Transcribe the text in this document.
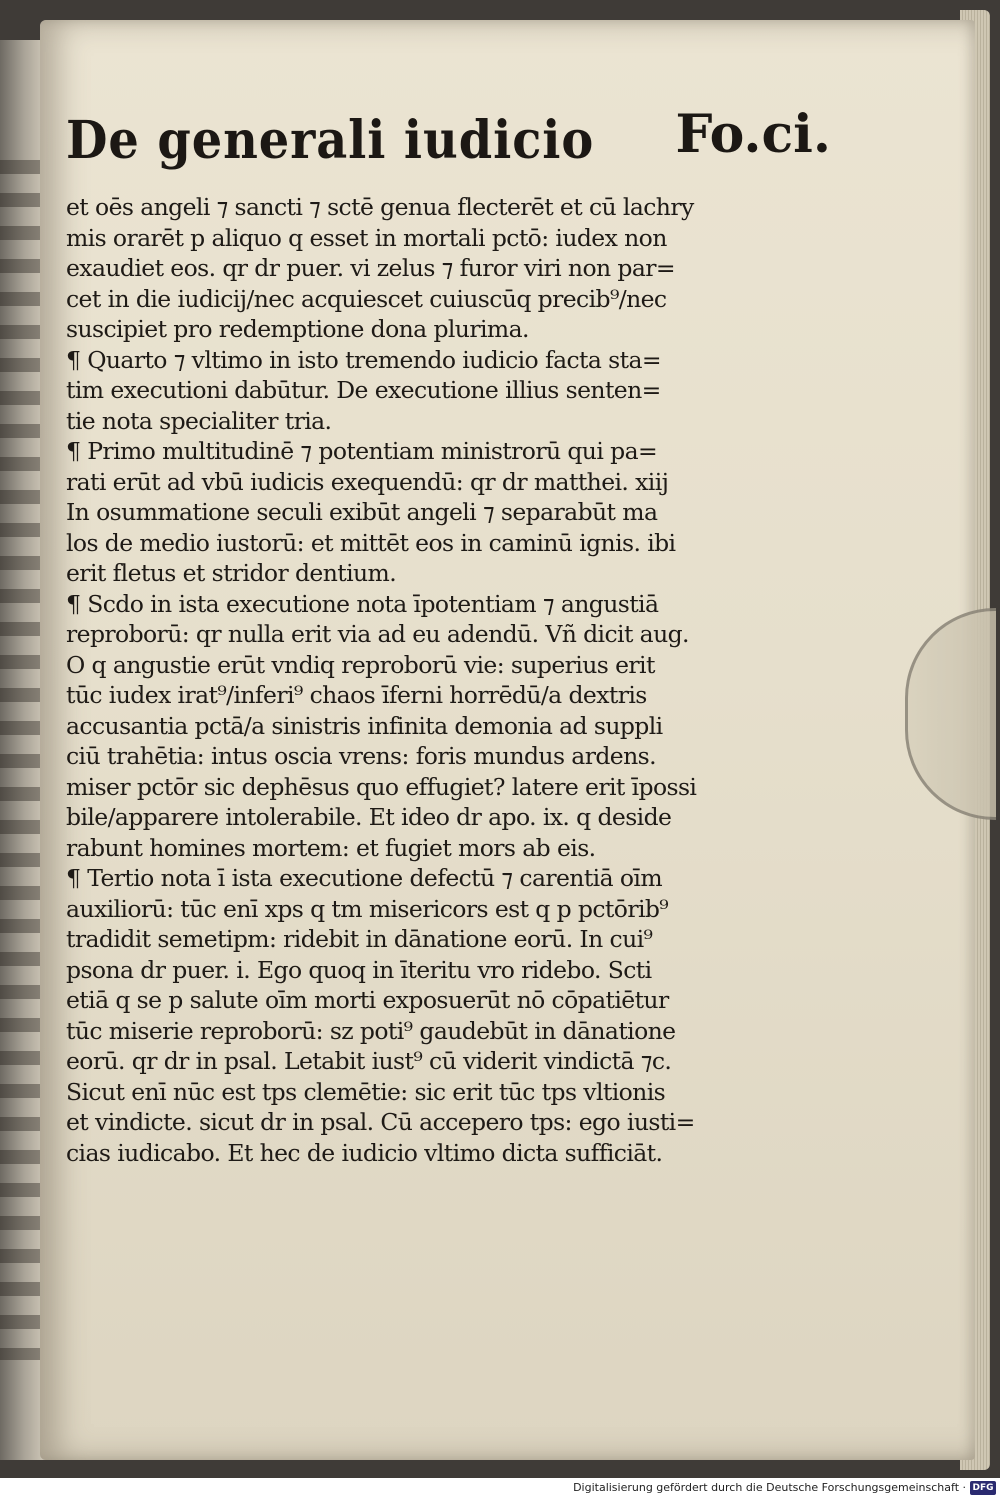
De generali iudicio Fo.ci.
et oēs angeli ⁊ sancti ⁊ sctē genua flecterēt et cū lachry
mis orarēt p aliquo q esset in mortali pctō: iudex non
exaudiet eos. qr dr puer. vi zelus ⁊ furor viri non par=
cet in die iudicij/nec acquiescet cuiuscūq precib⁹/nec
suscipiet pro redemptione dona plurima.
¶ Quarto ⁊ vltimo in isto tremendo iudicio facta sta=
tim executioni dabūtur. De executione illius senten=
tie nota specialiter tria.
¶ Primo multitudinē ⁊ potentiam ministrorū qui pa=
rati erūt ad vbū iudicis exequendū: qr dr matthei. xiij
In osummatione seculi exibūt angeli ⁊ separabūt ma
los de medio iustorū: et mittēt eos in caminū ignis. ibi
erit fletus et stridor dentium.
¶ Scdo in ista executione nota īpotentiam ⁊ angustiā
reproborū: qr nulla erit via ad eu adendū. Vñ dicit aug.
O q angustie erūt vndiq reproborū vie: superius erit
tūc iudex irat⁹/inferi⁹ chaos īferni horrēdū/a dextris
accusantia pctā/a sinistris infinita demonia ad suppli
ciū trahētia: intus oscia vrens: foris mundus ardens.
miser pctōr sic dephēsus quo effugiet? latere erit īpossi
bile/apparere intolerabile. Et ideo dr apo. ix. q deside
rabunt homines mortem: et fugiet mors ab eis.
¶ Tertio nota ī ista executione defectū ⁊ carentiā oīm
auxiliorū: tūc enī xps q tm misericors est q p pctōrib⁹
tradidit semetipm: ridebit in dānatione eorū. In cui⁹
psona dr puer. i. Ego quoq in īteritu vro ridebo. Scti
etiā q se p salute oīm morti exposuerūt nō cōpatiētur
tūc miserie reproborū: sz poti⁹ gaudebūt in dānatione
eorū. qr dr in psal. Letabit iust⁹ cū viderit vindictā ⁊c.
Sicut enī nūc est tps clemētie: sic erit tūc tps vltionis
et vindicte. sicut dr in psal. Cū accepero tps: ego iusti=
cias iudicabo. Et hec de iudicio vltimo dicta sufficiāt.
Digitalisierung gefördert durch die Deutsche Forschungsgemeinschaft · DFG
